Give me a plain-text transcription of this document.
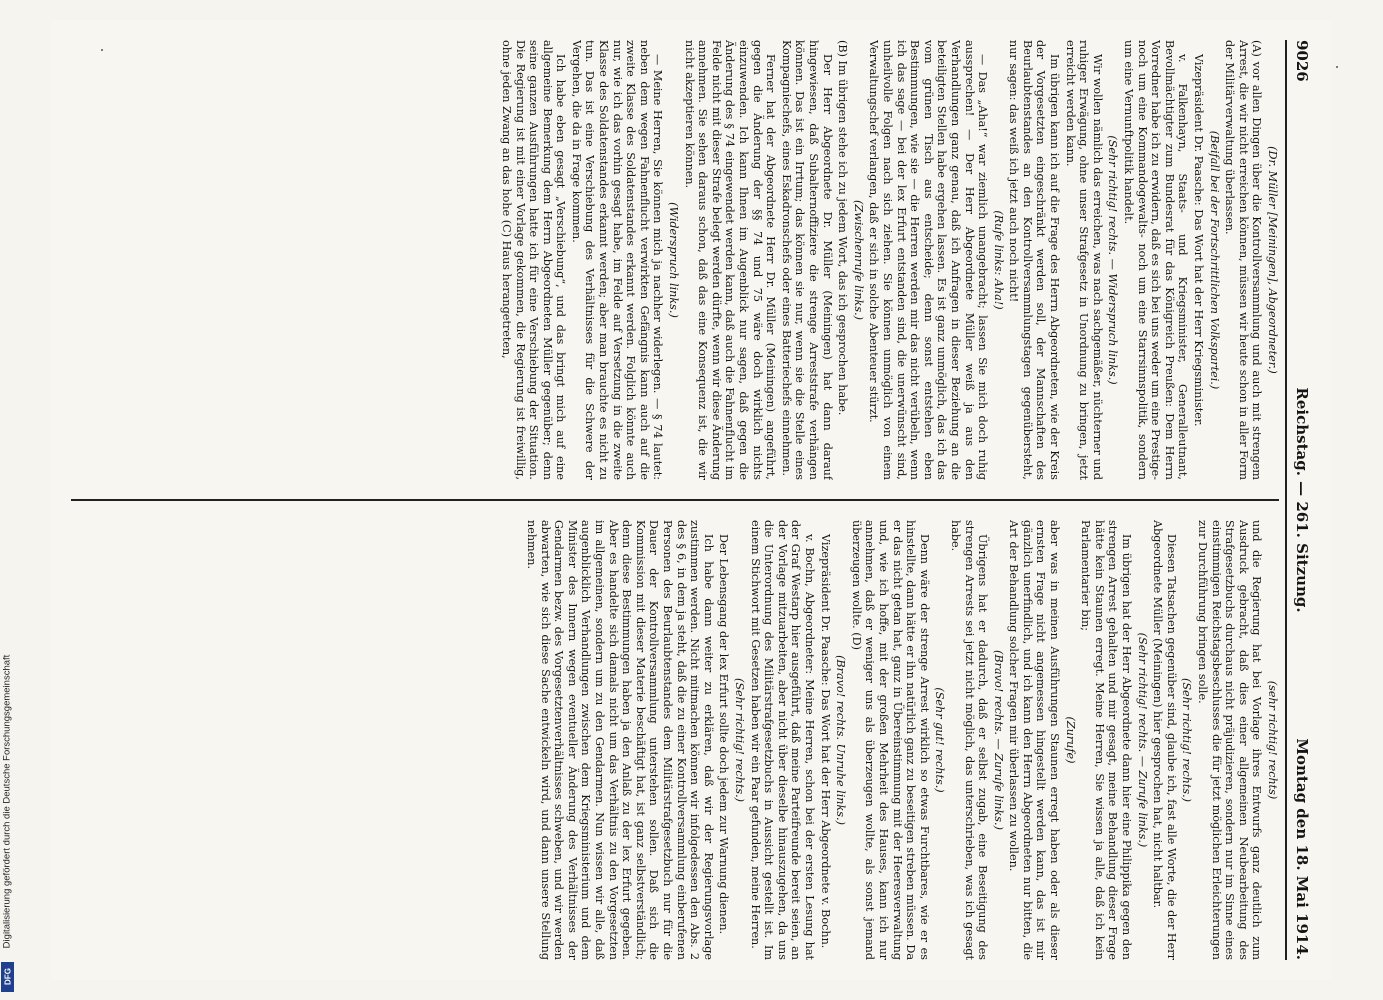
9026
Reichstag. — 261. Sitzung.
Montag den 18. Mai 1914.

(Dr. Müller [Meiningen], Abgeordneter.)

(A) vor allen Dingen über die Kontrollversammlung und auch mit strengem Arrest, die wir nicht erreichen können, müssen wir heute schon in aller Form der Militärverwaltung überlassen.

(Beifall bei der Fortschrittlichen Volkspartei.)

Vizepräsident Dr. Paasche: Das Wort hat der Herr Kriegsminister.

v. Falkenhayn, Staats- und Kriegsminister, Generalleutnant, Bevollmächtigter zum Bundesrat für das Königreich Preußen: Dem Herrn Vorredner habe ich zu erwidern, daß es sich bei uns weder um eine Prestige- noch um eine Kommandogewalts- noch um eine Starrsinnspolitik, sondern um eine Vernunftpolitik handelt.

(Sehr richtig! rechts. — Widerspruch links.)

Wir wollen nämlich das erreichen, was nach sachgemäßer, nüchterner und ruhiger Erwägung, ohne unser Strafgesetz in Unordnung zu bringen, jetzt erreicht werden kann.

Im übrigen kann ich auf die Frage des Herrn Abgeordneten, wie der Kreis der Vorgesetzten eingeschränkt werden soll, der Mannschaften des Beurlaubtenstandes an den Kontrollversammlungstagen gegenübersteht, nur sagen: das weiß ich jetzt auch noch nicht!

(Rufe links: Aha!)

— Das „Aha!“ war ziemlich unangebracht; lassen Sie mich doch ruhig aussprechen! — Der Herr Abgeordnete Müller weiß ja aus den Verhandlungen ganz genau, daß ich Anfragen in dieser Beziehung an die beteiligten Stellen habe ergehen lassen. Es ist ganz unmöglich, das ich das vom grünen Tisch aus entscheide; denn sonst entstehen eben Bestimmungen, wie sie — die Herren werden mir das nicht verübeln, wenn ich das sage — bei der lex Erfurt entstanden sind, die unerwünscht sind, unheilvolle Folgen nach sich ziehen. Sie können unmöglich von einem Verwaltungschef verlangen, daß er sich in solche Abenteuer stürzt.

(Zwischenrufe links.)

(B) Im übrigen stehe ich zu jedem Wort, das ich gesprochen habe.

Der Herr Abgeordnete Dr. Müller (Meiningen) hat dann darauf hingewiesen, daß Subalternoffiziere die strenge Arreststrafe verhängen können. Das ist ein Irrtum; das können sie nur, wenn sie die Stelle eines Kompagniechefs, eines Eskadronschefs oder eines Batteriechefs einnehmen.

Ferner hat der Abgeordnete Herr Dr. Müller (Meiningen) angeführt, gegen die Änderung der §§ 74 und 75 wäre doch wirklich nichts einzuwenden. Ich kann Ihnen im Augenblick nur sagen, daß gegen die Änderung des § 74 eingewendet werden kann, daß auch die Fahnenflucht im Felde nicht mit dieser Strafe belegt werden dürfte, wenn wir diese Änderung annehmen. Sie sehen daraus schon, daß das eine Konsequenz ist, die wir nicht akzeptieren können.

(Widerspruch links.)

— Meine Herren, Sie können mich ja nachher widerlegen. — § 74 lautet: neben dem wegen Fahnenflucht verwirkten Gefängnis kann auch auf die zweite Klasse des Soldatenstandes erkannt werden. Folglich könnte auch nur, wie ich das vorhin gesagt habe, im Felde auf Versetzung in die zweite Klasse des Soldatenstandes erkannt werden; aber man brauchte es nicht zu tun. Das ist eine Verschiebung des Verhältnisses für die Schwere der Vergehen, die da in Frage kommen.

Ich habe eben gesagt „Verschiebung“, und das bringt mich auf eine allgemeine Bemerkung dem Herrn Abgeordneten Müller gegenüber; denn seine ganzen Ausführungen hatte ich für eine Verschiebung der Situation. Die Regierung ist mit einer Vorlage gekommen, die Regierung ist freiwillig, ohne jeden Zwang an das hohe (C) Haus herangetreten,

(sehr richtig! rechts)

und die Regierung hat bei Vorlage ihres Entwurfs ganz deutlich zum Ausdruck gebracht, daß dies einer allgemeinen Neubearbeitung des Strafgesetzbuchs durchaus nicht präjudizieren, sondern nur im Sinne eines einstimmigen Reichstagsbeschlusses die für jetzt möglichen Erleichterungen zur Durchführung bringen solle.

(Sehr richtig! rechts.)

Diesen Tatsachen gegenüber sind, glaube ich, fast alle Worte, die der Herr Abgeordnete Müller (Meiningen) hier gesprochen hat, nicht haltbar.

(Sehr richtig! rechts. — Zurufe links.)

Im übrigen hat der Herr Abgeordnete dann hier eine Philippika gegen den strengen Arrest gehalten und mir gesagt, meine Behandlung dieser Frage hätte kein Staunen erregt. Meine Herren, Sie wissen ja alle, daß ich kein Parlamentarier bin;

(Zurufe)

aber was in meinen Ausführungen Staunen erregt haben oder als dieser ernsten Frage nicht angemessen hingestellt werden kann, das ist mir gänzlich unerfindlich, und ich kann den Herrn Abgeordneten nur bitten, die Art der Behandlung solcher Fragen mir überlassen zu wollen.

(Bravo! rechts. — Zurufe links.)

Übrigens hat er dadurch, daß er selbst zugab, eine Beseitigung des strengen Arrests sei jetzt nicht möglich, das unterschrieben, was ich gesagt habe.

(Sehr gut! rechts.)

Denn wäre der strenge Arrest wirklich so etwas Furchtbares, wie er es hinstellte, dann hätte er ihn natürlich ganz zu beseitigen streben müssen. Da er das nicht getan hat, ganz in Übereinstimmung mit der Heeresverwaltung und, wie ich hoffe, mit der großen Mehrheit des Hauses, kann ich nur annehmen, daß er weniger uns als überzeugen wollte, als sonst jemand überzeugen wollte. (D)

(Bravo! rechts. Unruhe links.)

Vizepräsident Dr. Paasche: Das Wort hat der Herr Abgeordnete v. Bochn.

v. Bochn, Abgeordneter: Meine Herren, schon bei der ersten Lesung hat der Graf Westarp hier ausgeführt, daß meine Parteifreunde bereit seien, an der Vorlage mitzuarbeiten, aber nicht über dieselbe hinauszugehen, da uns die Unterordnung des Militärstrafgesetzbuchs in Aussicht gestellt ist. Im einem Stichwort mit Gesetzen haben wir ein Paar gefunden, meine Herren.

(Sehr richtig! rechts.)

Der Lebensgang der lex Erfurt sollte doch jedem zur Warnung dienen.

Ich habe dann weiter zu erklären, daß wir der Regierungsvorlage zustimmen werden. Nicht mitmachen können wir infolgedessen den Abs. 2 des § 6, in dem ja steht, daß die zu einer Kontrollversammlung einberufenen Personen des Beurlaubtenstandes dem Militärstrafgesetzbuch nur für die Dauer der Kontrollversammlung unterstehen sollen. Daß sich die Kommission mit dieser Materie beschäftigt hat, ist ganz selbstverständlich; denn diese Bestimmungen haben ja den Anlaß zu der lex Erfurt gegeben. Aber es handelte sich damals nicht um das Verhältnis zu den Vorgesetzten im allgemeinen, sondern um zu den Gendarmen. Nun wissen wir alle, daß augenblicklich Verhandlungen zwischen dem Kriegsministerium und dem Minister des Innern wegen eventueller Änderung des Verhältnisses der Gendarmen bezw. des Vorgesetztenverhältnisses schweben, und wir werden abwarten, wie sich diese Sache entwickeln wird, und dann unsere Stellung nehmen.

Digitalisierung gefördert durch die Deutsche Forschungsgemeinschaft
DFG
